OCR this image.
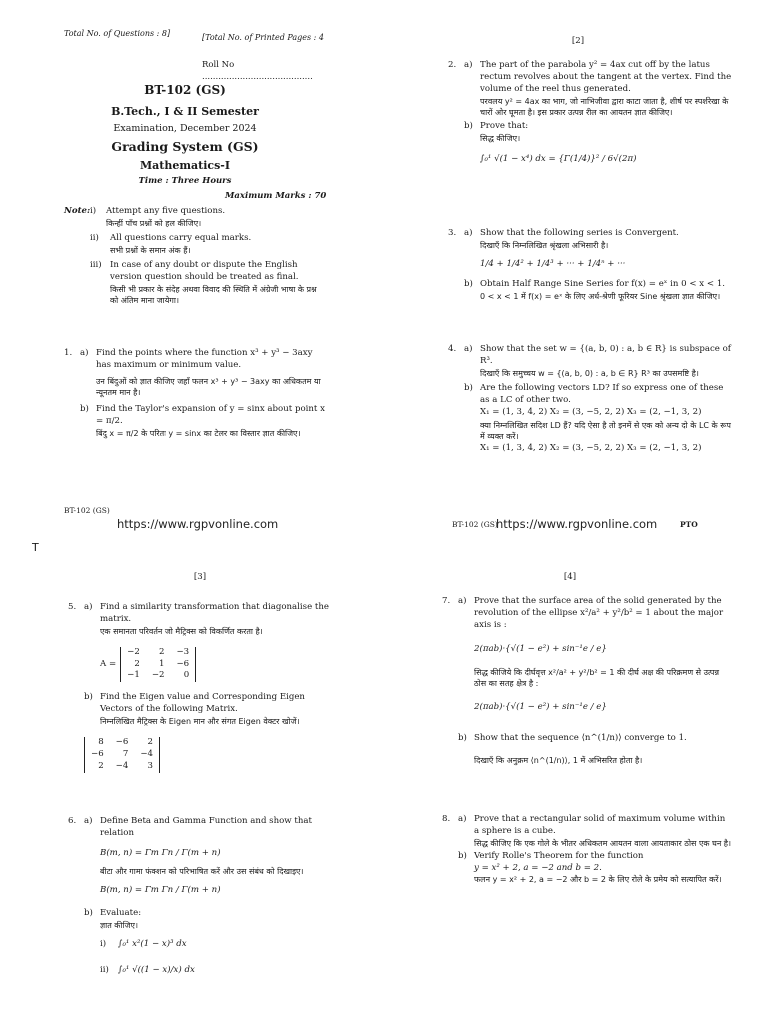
Total No. of Questions : 8]	[Total No. of Printed Pages : 4
Roll No .........................................
BT-102 (GS)
B.Tech., I & II Semester
Examination, December 2024
Grading System (GS)
Mathematics-I
Time : Three Hours
Maximum Marks : 70
Note: i)	Attempt any five questions.
किन्हीं पाँच प्रश्नों को हल कीजिए।
ii)	All questions carry equal marks.
सभी प्रश्नों के समान अंक हैं।
iii) In case of any doubt or dispute the English version question should be treated as final.
किसी भी प्रकार के संदेह अथवा विवाद की स्थिति में अंग्रेजी भाषा के प्रश्न को अंतिम माना जायेगा।
1. a) Find the points where the function x³ + y³ − 3axy has maximum or minimum value.
उन बिंदुओं को ज्ञात कीजिए जहाँ फलन x³ + y³ − 3axy का अधिकतम या न्यूनतम मान है।
b) Find the Taylor's expansion of y = sinx about point x = π/2.
बिंदु x = π/2 के परितः y = sinx का टेलर का विस्तार ज्ञात कीजिए।
BT-102 (GS)
[2]
2. a) The part of the parabola y² = 4ax cut off by the latus rectum revolves about the tangent at the vertex. Find the volume of the reel thus generated.
परवलय y² = 4ax का भाग, जो नाभिजीवा द्वारा काटा जाता है, शीर्ष पर स्पर्शरेखा के चारों ओर घूमता है। इस प्रकार उत्पन्न रील का आयतन ज्ञात कीजिए।
b) Prove that:
सिद्ध कीजिए।
∫₀¹ √(1 − x⁴) dx = {Γ(1/4)}² / 6√(2π)
3. a) Show that the following series is Convergent.
दिखाएँ कि निम्नलिखित श्रृंखला अभिसारी है।
1/4 + 1/4² + 1/4³ + ··· + 1/4ⁿ + ···
b) Obtain Half Range Sine Series for f(x) = eˣ in 0 < x < 1.
0 < x < 1 में f(x) = eˣ के लिए अर्ध-श्रेणी फूरियर Sine श्रृंखला ज्ञात कीजिए।
4. a) Show that the set w = {(a, b, 0) : a, b ∈ R} is subspace of R³.
दिखाएँ कि समुच्चय w = {(a, b, 0) : a, b ∈ R} R³ का उपसमष्टि है।
b) Are the following vectors LD? If so express one of these as a LC of other two.
X₁ = (1, 3, 4, 2) X₂ = (3, −5, 2, 2) X₃ = (2, −1, 3, 2)
क्या निम्नलिखित सदिश LD हैं? यदि ऐसा है तो इनमें से एक को अन्य दो के LC के रूप में व्यक्त करें।
X₁ = (1, 3, 4, 2) X₂ = (3, −5, 2, 2) X₃ = (2, −1, 3, 2)
BT-102 (GS)	PTO
https://www.rgpvonline.com	https://www.rgpvonline.com
T
[3]
5. a) Find a similarity transformation that diagonalise the matrix.
एक समानता परिवर्तन जो मैट्रिक्स को विकर्णित करता है।
A =
−2	2	−3
2	1	−6
−1	−2	0
b) Find the Eigen value and Corresponding Eigen Vectors of the following Matrix.
निम्नलिखित मैट्रिक्स के Eigen मान और संगत Eigen वेक्टर खोजें।
8	−6	2
−6	7	−4
2	−4	3
6. a) Define Beta and Gamma Function and show that relation
B(m, n) = Γm Γn / Γ(m + n)
बीटा और गामा फंक्शन को परिभाषित करें और उस संबंध को दिखाइए।
B(m, n) = Γm Γn / Γ(m + n)
b) Evaluate:
ज्ञात कीजिए।
i)	∫₀¹ x²(1 − x)³ dx
ii)	∫₀¹ √((1 − x)/x) dx
[4]
7. a) Prove that the surface area of the solid generated by the revolution of the ellipse x²/a² + y²/b² = 1 about the major axis is :
2(πab)·{√(1 − e²) + sin⁻¹e / e}
सिद्ध कीजिये कि दीर्घवृत्त x²/a² + y²/b² = 1 की दीर्घ अक्ष की परिक्रमण से उत्पन्न ठोस का सतह क्षेत्र है :
2(πab)·{√(1 − e²) + sin⁻¹e / e}
b) Show that the sequence ⟨n^(1/n)⟩ converge to 1.
दिखाएँ कि अनुक्रम ⟨n^(1/n)⟩, 1 में अभिसरित होता है।
8. a) Prove that a rectangular solid of maximum volume within a sphere is a cube.
सिद्ध कीजिए कि एक गोले के भीतर अधिकतम आयतन वाला आयताकार ठोस एक घन है।
b) Verify Rolle's Theorem for the function
y = x² + 2, a = −2 and b = 2.
फलन y = x² + 2, a = −2 और b = 2 के लिए रोले के प्रमेय को सत्यापित करें।
